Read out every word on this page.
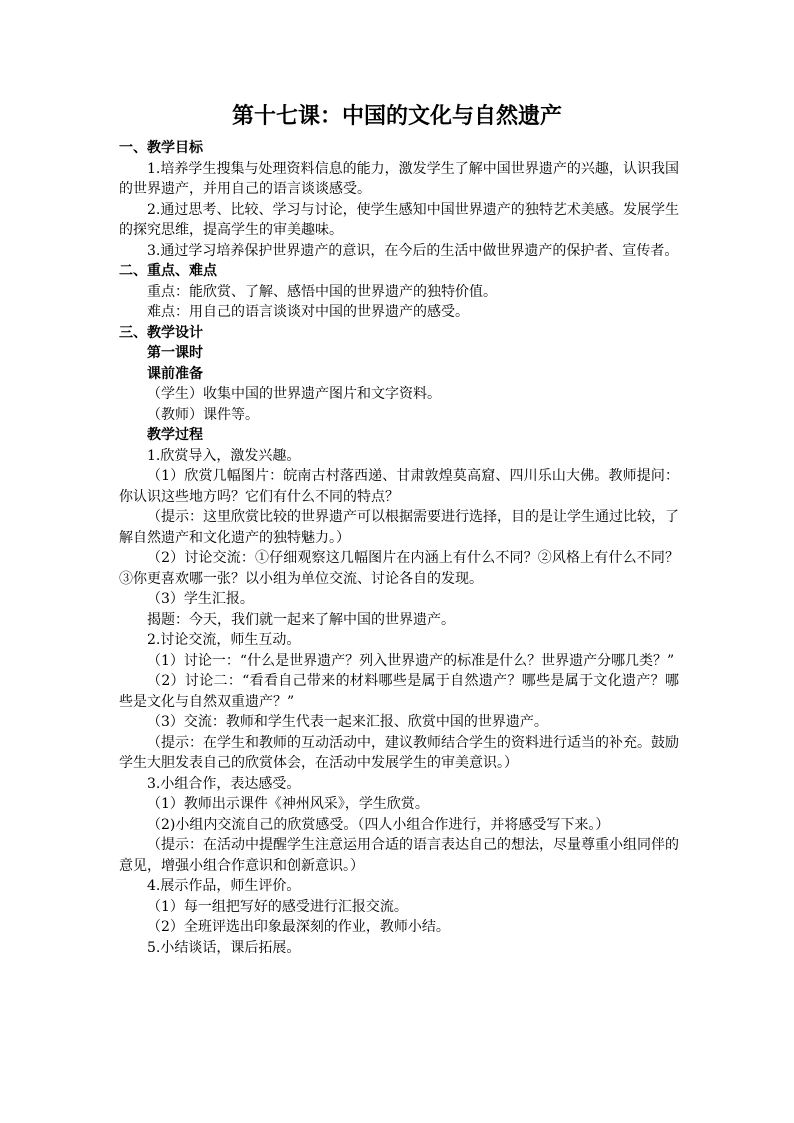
第十七课：中国的文化与自然遗产

一、教学目标

1.培养学生搜集与处理资料信息的能力，激发学生了解中国世界遗产的兴趣，认识我国的世界遗产，并用自己的语言谈谈感受。

2.通过思考、比较、学习与讨论，使学生感知中国世界遗产的独特艺术美感。发展学生的探究思维，提高学生的审美趣味。

3.通过学习培养保护世界遗产的意识，在今后的生活中做世界遗产的保护者、宣传者。

二、重点、难点

重点：能欣赏、了解、感悟中国的世界遗产的独特价值。

难点：用自己的语言谈谈对中国的世界遗产的感受。

三、教学设计

第一课时

课前准备

（学生）收集中国的世界遗产图片和文字资料。

（教师）课件等。

教学过程

1.欣赏导入，激发兴趣。

（1）欣赏几幅图片：皖南古村落西递、甘肃敦煌莫高窟、四川乐山大佛。教师提问：你认识这些地方吗？它们有什么不同的特点？

（提示：这里欣赏比较的世界遗产可以根据需要进行选择，目的是让学生通过比较，了解自然遗产和文化遗产的独特魅力。）

（2）讨论交流：①仔细观察这几幅图片在内涵上有什么不同？②风格上有什么不同？③你更喜欢哪一张？以小组为单位交流、讨论各自的发现。

（3）学生汇报。

揭题：今天，我们就一起来了解中国的世界遗产。

2.讨论交流，师生互动。

（1）讨论一：“什么是世界遗产？列入世界遗产的标准是什么？世界遗产分哪几类？”

（2）讨论二：“看看自己带来的材料哪些是属于自然遗产？哪些是属于文化遗产？哪些是文化与自然双重遗产？”

（3）交流：教师和学生代表一起来汇报、欣赏中国的世界遗产。

（提示：在学生和教师的互动活动中，建议教师结合学生的资料进行适当的补充。鼓励学生大胆发表自己的欣赏体会，在活动中发展学生的审美意识。）

3.小组合作，表达感受。

（1）教师出示课件《神州风采》，学生欣赏。

（2)小组内交流自己的欣赏感受。（四人小组合作进行，并将感受写下来。）

（提示：在活动中提醒学生注意运用合适的语言表达自己的想法，尽量尊重小组同伴的意见，增强小组合作意识和创新意识。）

4.展示作品，师生评价。

（1）每一组把写好的感受进行汇报交流。

（2）全班评选出印象最深刻的作业，教师小结。

5.小结谈话，课后拓展。
